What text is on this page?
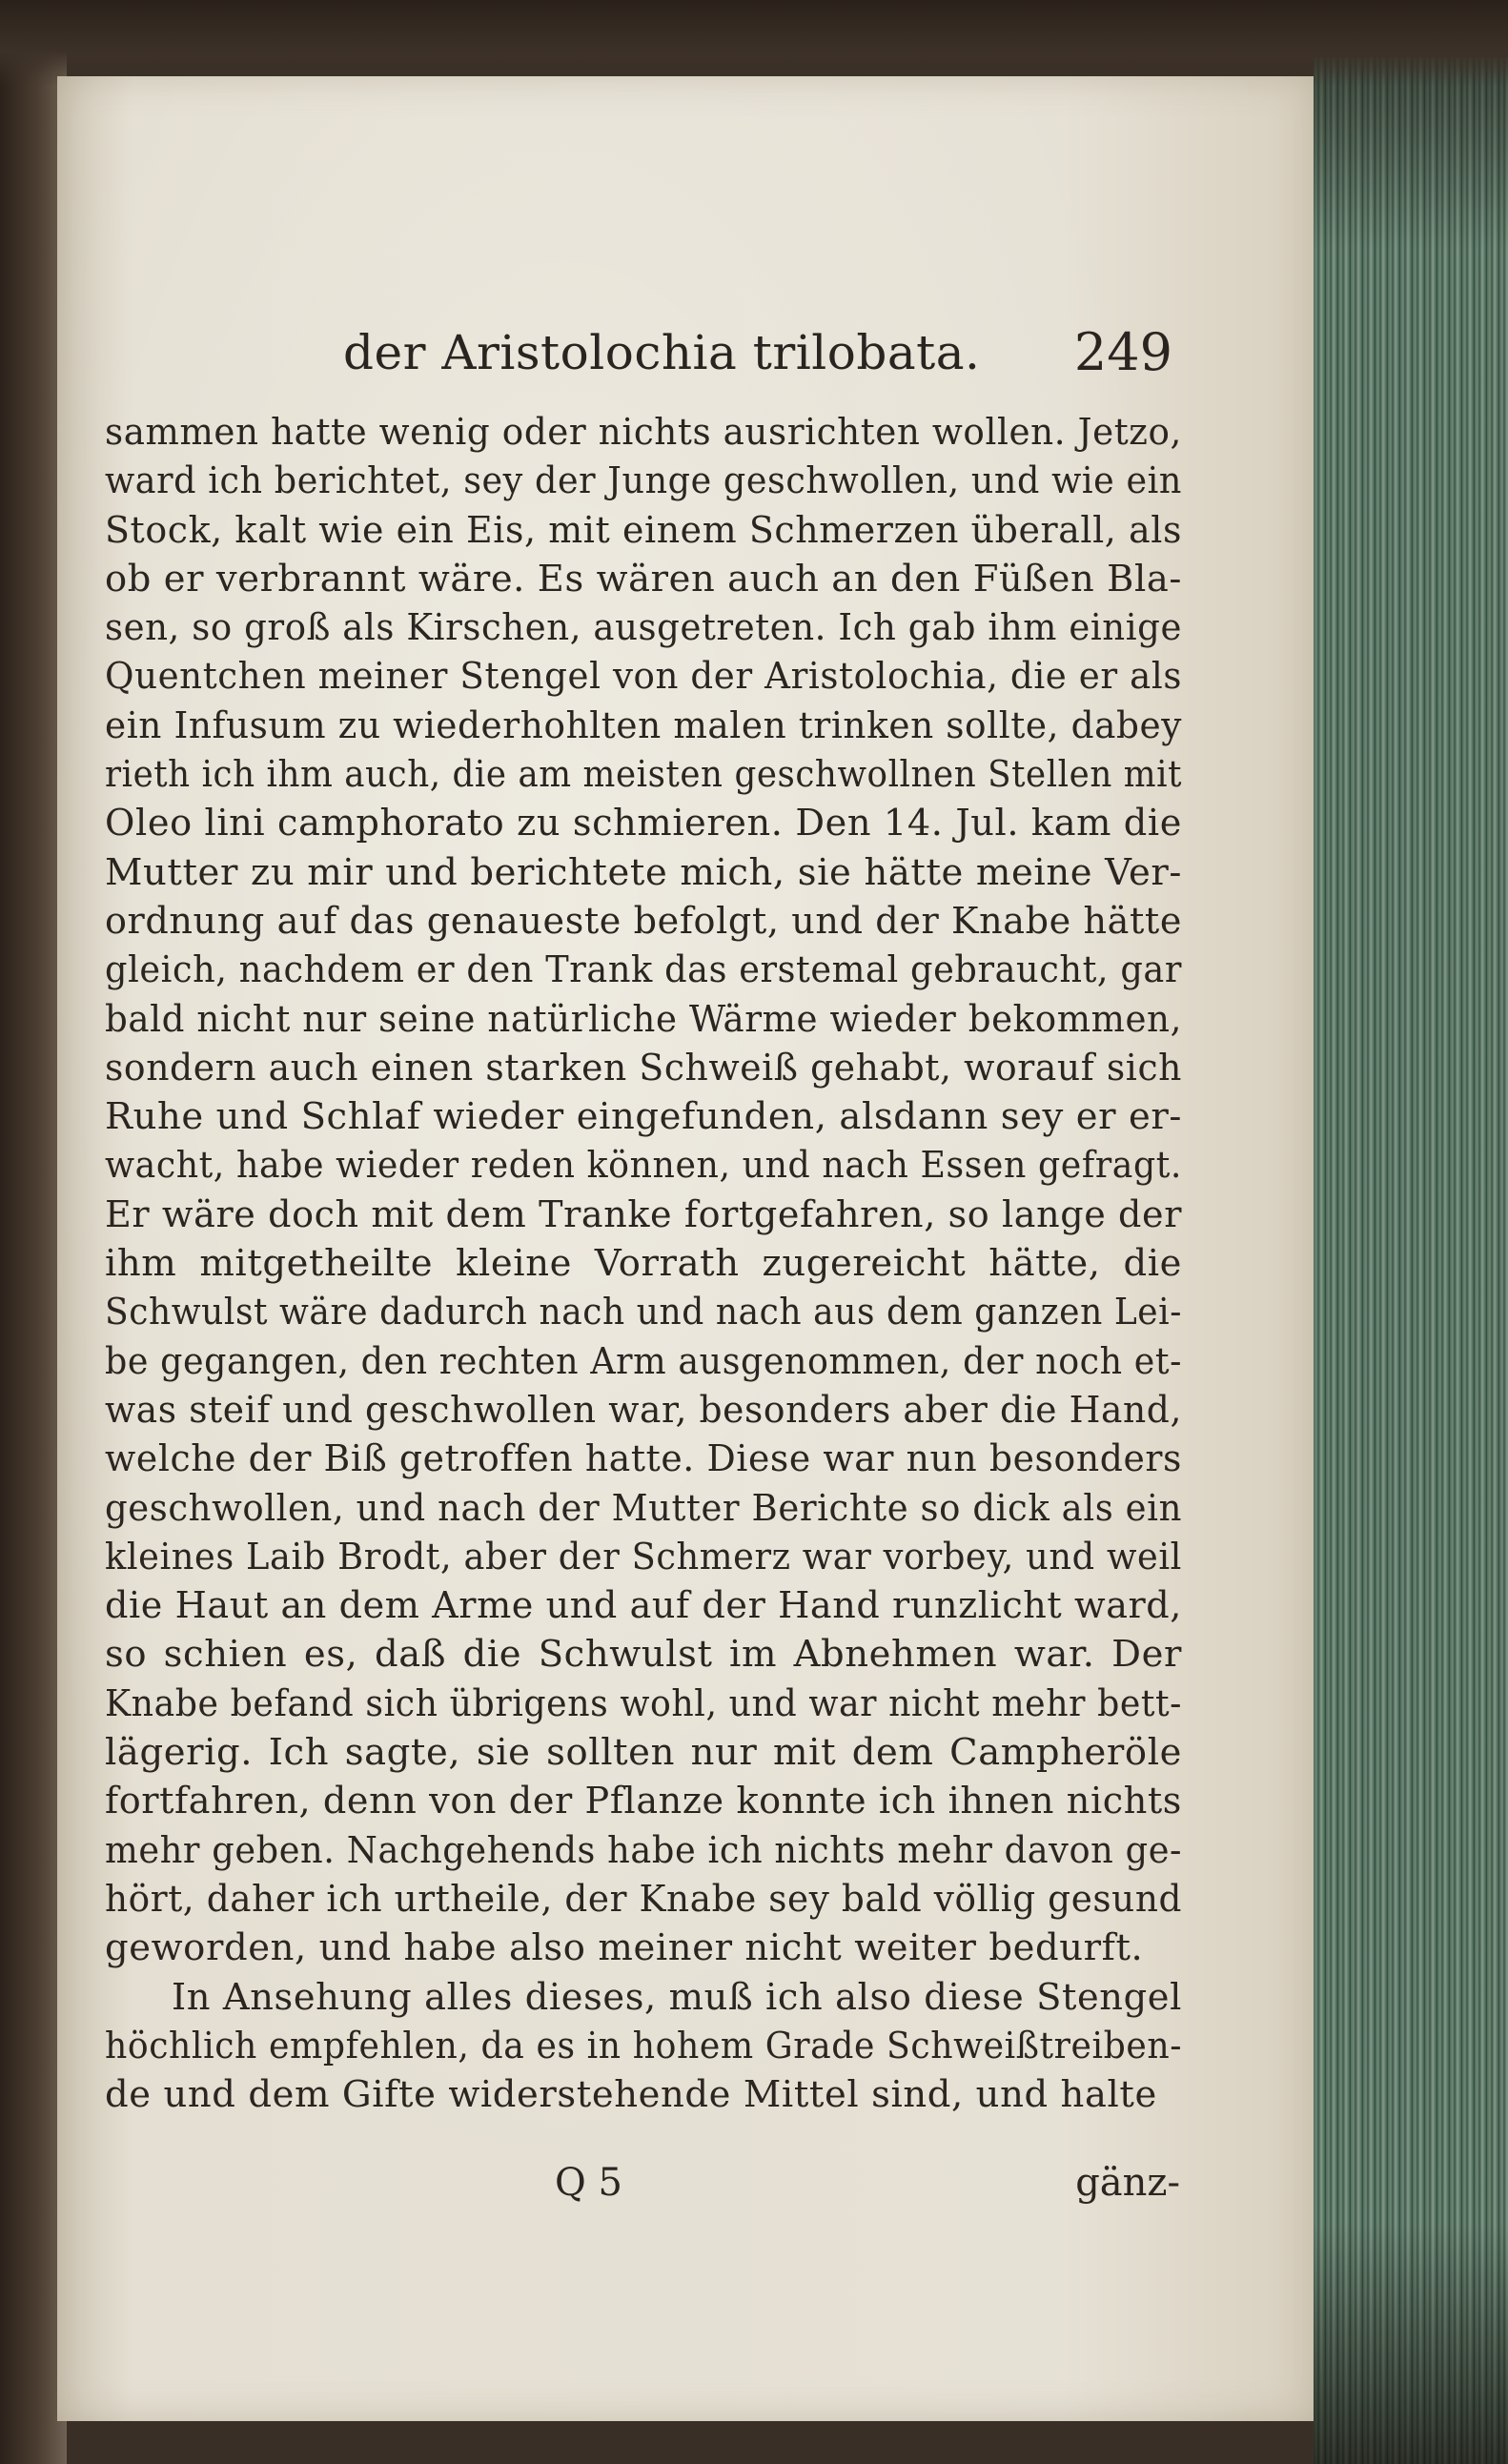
der Aristolochia trilobata. 249
sammen hatte wenig oder nichts ausrichten wollen. Jetzo,
ward ich berichtet, sey der Junge geschwollen, und wie ein
Stock, kalt wie ein Eis, mit einem Schmerzen überall, als
ob er verbrannt wäre. Es wären auch an den Füßen Bla-
sen, so groß als Kirschen, ausgetreten. Ich gab ihm einige
Quentchen meiner Stengel von der Aristolochia, die er als
ein Infusum zu wiederhohlten malen trinken sollte, dabey
rieth ich ihm auch, die am meisten geschwollnen Stellen mit
Oleo lini camphorato zu schmieren. Den 14. Jul. kam die
Mutter zu mir und berichtete mich, sie hätte meine Ver-
ordnung auf das genaueste befolgt, und der Knabe hätte
gleich, nachdem er den Trank das erstemal gebraucht, gar
bald nicht nur seine natürliche Wärme wieder bekommen,
sondern auch einen starken Schweiß gehabt, worauf sich
Ruhe und Schlaf wieder eingefunden, alsdann sey er er-
wacht, habe wieder reden können, und nach Essen gefragt.
Er wäre doch mit dem Tranke fortgefahren, so lange der
ihm mitgetheilte kleine Vorrath zugereicht hätte, die
Schwulst wäre dadurch nach und nach aus dem ganzen Lei-
be gegangen, den rechten Arm ausgenommen, der noch et-
was steif und geschwollen war, besonders aber die Hand,
welche der Biß getroffen hatte. Diese war nun besonders
geschwollen, und nach der Mutter Berichte so dick als ein
kleines Laib Brodt, aber der Schmerz war vorbey, und weil
die Haut an dem Arme und auf der Hand runzlicht ward,
so schien es, daß die Schwulst im Abnehmen war. Der
Knabe befand sich übrigens wohl, und war nicht mehr bett-
lägerig. Ich sagte, sie sollten nur mit dem Campheröle
fortfahren, denn von der Pflanze konnte ich ihnen nichts
mehr geben. Nachgehends habe ich nichts mehr davon ge-
hört, daher ich urtheile, der Knabe sey bald völlig gesund
geworden, und habe also meiner nicht weiter bedurft.
In Ansehung alles dieses, muß ich also diese Stengel
höchlich empfehlen, da es in hohem Grade Schweißtreiben-
de und dem Gifte widerstehende Mittel sind, und halte
Q 5	gänz-
